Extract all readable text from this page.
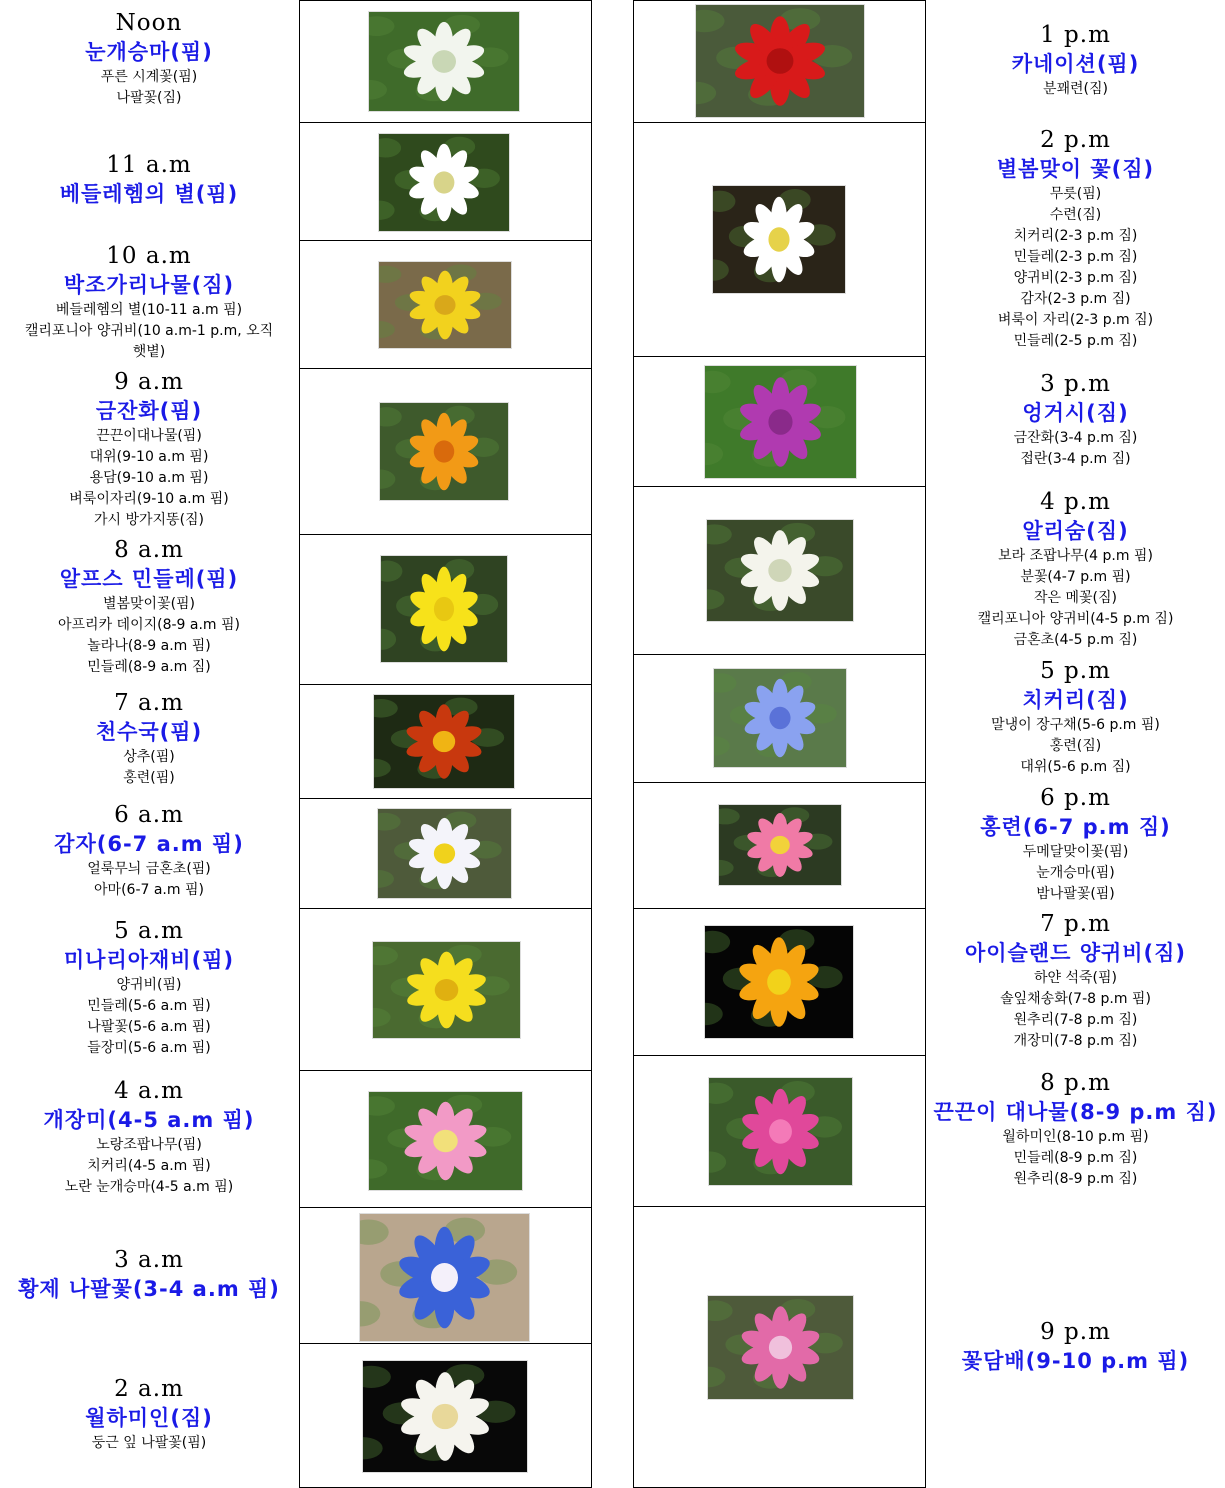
Noon
눈개승마(핌)
푸른 시계꽃(핌)
나팔꽃(짐)
11 a.m
베들레헴의 별(핌)
10 a.m
박조가리나물(짐)
베들레헴의 별(10-11 a.m 핌)
캘리포니아 양귀비(10 a.m-1 p.m, 오직
햇볕)
9 a.m
금잔화(핌)
끈끈이대나물(핌)
대위(9-10 a.m 핌)
용담(9-10 a.m 핌)
벼룩이자리(9-10 a.m 핌)
가시 방가지똥(짐)
8 a.m
알프스 민들레(핌)
별봄맞이꽃(핌)
아프리카 데이지(8-9 a.m 핌)
놀라나(8-9 a.m 핌)
민들레(8-9 a.m 짐)
7 a.m
천수국(핌)
상추(핌)
홍련(핌)
6 a.m
감자(6-7 a.m 핌)
얼룩무늬 금혼초(핌)
아마(6-7 a.m 핌)
5 a.m
미나리아재비(핌)
양귀비(핌)
민들레(5-6 a.m 핌)
나팔꽃(5-6 a.m 핌)
들장미(5-6 a.m 핌)
4 a.m
개장미(4-5 a.m 핌)
노랑조팝나무(핌)
치커리(4-5 a.m 핌)
노란 눈개승마(4-5 a.m 핌)
3 a.m
황제 나팔꽃(3-4 a.m 핌)
2 a.m
월하미인(짐)
둥근 잎 나팔꽃(핌)
1 p.m
카네이션(핌)
분꽤련(짐)
2 p.m
별봄맞이 꽃(짐)
무릇(핌)
수련(짐)
치커리(2-3 p.m 짐)
민들레(2-3 p.m 짐)
양귀비(2-3 p.m 짐)
감자(2-3 p.m 짐)
벼룩이 자리(2-3 p.m 짐)
민들레(2-5 p.m 짐)
3 p.m
엉거시(짐)
금잔화(3-4 p.m 짐)
접란(3-4 p.m 짐)
4 p.m
알리숨(짐)
보라 조팝나무(4 p.m 핌)
분꽃(4-7 p.m 핌)
작은 메꽃(짐)
캘리포니아 양귀비(4-5 p.m 짐)
금혼초(4-5 p.m 짐)
5 p.m
치커리(짐)
말냉이 장구채(5-6 p.m 핌)
홍련(짐)
대위(5-6 p.m 짐)
6 p.m
홍련(6-7 p.m 짐)
두메달맞이꽃(핌)
눈개승마(핌)
밤나팔꽃(핌)
7 p.m
아이슬랜드 양귀비(짐)
하얀 석죽(핌)
솔잎채송화(7-8 p.m 핌)
원추리(7-8 p.m 짐)
개장미(7-8 p.m 짐)
8 p.m
끈끈이 대나물(8-9 p.m 짐)
월하미인(8-10 p.m 핌)
민들레(8-9 p.m 짐)
원추리(8-9 p.m 짐)
9 p.m
꽃담배(9-10 p.m 핌)
